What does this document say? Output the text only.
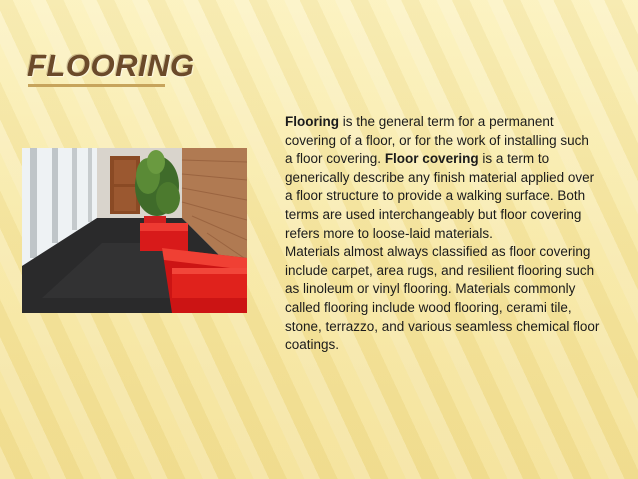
FLOORING

Flooring is the general term for a permanent covering of a floor, or for the work of installing such a floor covering. Floor covering is a term to generically describe any finish material applied over a floor structure to provide a walking surface. Both terms are used interchangeably but floor covering refers more to loose-laid materials.

Materials almost always classified as floor covering include carpet, area rugs, and resilient flooring such as linoleum or vinyl flooring. Materials commonly called flooring include wood flooring, cerami tile, stone, terrazzo, and various seamless chemical floor coatings.
